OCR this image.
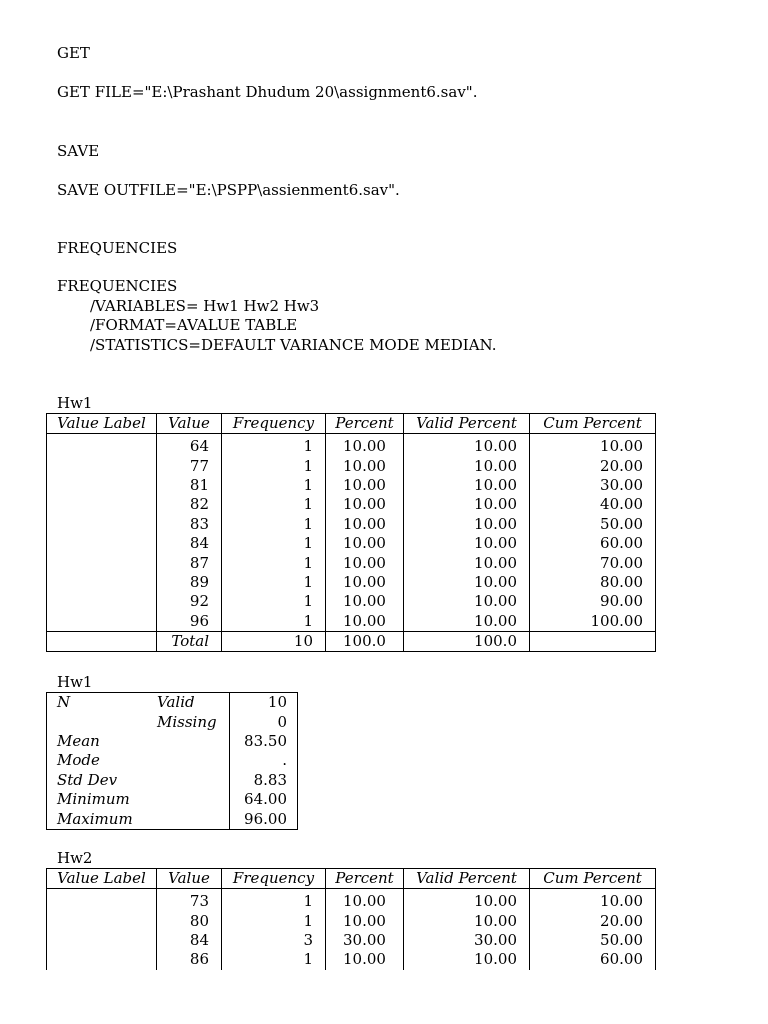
GET
GET FILE="E:\Prashant Dhudum 20\assignment6.sav".
SAVE
SAVE OUTFILE="E:\PSPP\assienment6.sav".
FREQUENCIES
FREQUENCIES
/VARIABLES= Hw1 Hw2 Hw3
/FORMAT=AVALUE TABLE
/STATISTICS=DEFAULT VARIANCE MODE MEDIAN.
Hw1
Value Label	Value	Frequency	Percent	Valid Percent	Cum Percent
	64	1	10.00	10.00	10.00
	77	1	10.00	10.00	20.00
	81	1	10.00	10.00	30.00
	82	1	10.00	10.00	40.00
	83	1	10.00	10.00	50.00
	84	1	10.00	10.00	60.00
	87	1	10.00	10.00	70.00
	89	1	10.00	10.00	80.00
	92	1	10.00	10.00	90.00
	96	1	10.00	10.00	100.00
	Total	10	100.0	100.0	
Hw1
N	Valid	10
	Missing	0
Mean		83.50
Mode		.
Std Dev		8.83
Minimum		64.00
Maximum		96.00
Hw2
Value Label	Value	Frequency	Percent	Valid Percent	Cum Percent
	73	1	10.00	10.00	10.00
	80	1	10.00	10.00	20.00
	84	3	30.00	30.00	50.00
	86	1	10.00	10.00	60.00
